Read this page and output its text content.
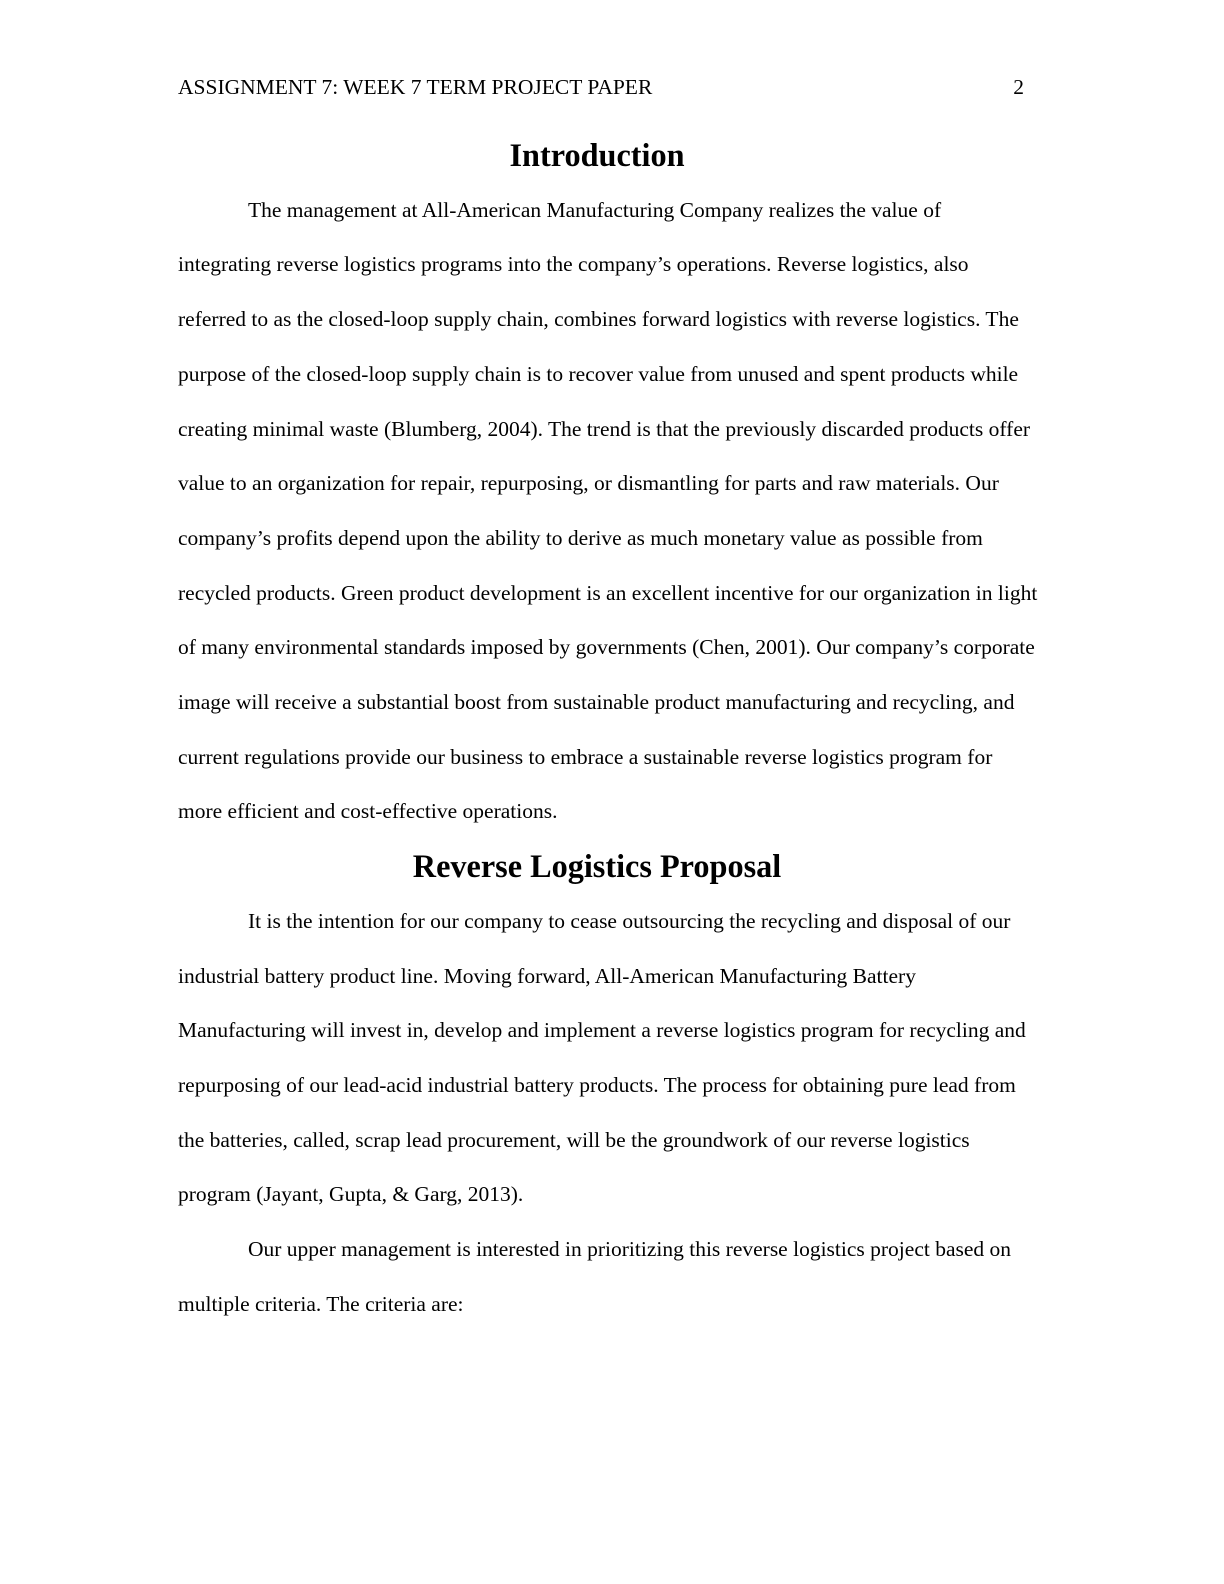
ASSIGNMENT 7: WEEK 7 TERM PROJECT PAPER	2
Introduction

The management at All-American Manufacturing Company realizes the value of integrating reverse logistics programs into the company’s operations. Reverse logistics, also referred to as the closed-loop supply chain, combines forward logistics with reverse logistics. The purpose of the closed-loop supply chain is to recover value from unused and spent products while creating minimal waste (Blumberg, 2004). The trend is that the previously discarded products offer value to an organization for repair, repurposing, or dismantling for parts and raw materials. Our company’s profits depend upon the ability to derive as much monetary value as possible from recycled products. Green product development is an excellent incentive for our organization in light of many environmental standards imposed by governments (Chen, 2001). Our company’s corporate image will receive a substantial boost from sustainable product manufacturing and recycling, and current regulations provide our business to embrace a sustainable reverse logistics program for more efficient and cost-effective operations.

Reverse Logistics Proposal

It is the intention for our company to cease outsourcing the recycling and disposal of our industrial battery product line. Moving forward, All-American Manufacturing Battery Manufacturing will invest in, develop and implement a reverse logistics program for recycling and repurposing of our lead-acid industrial battery products. The process for obtaining pure lead from the batteries, called, scrap lead procurement, will be the groundwork of our reverse logistics program (Jayant, Gupta, & Garg, 2013).

Our upper management is interested in prioritizing this reverse logistics project based on multiple criteria. The criteria are:
